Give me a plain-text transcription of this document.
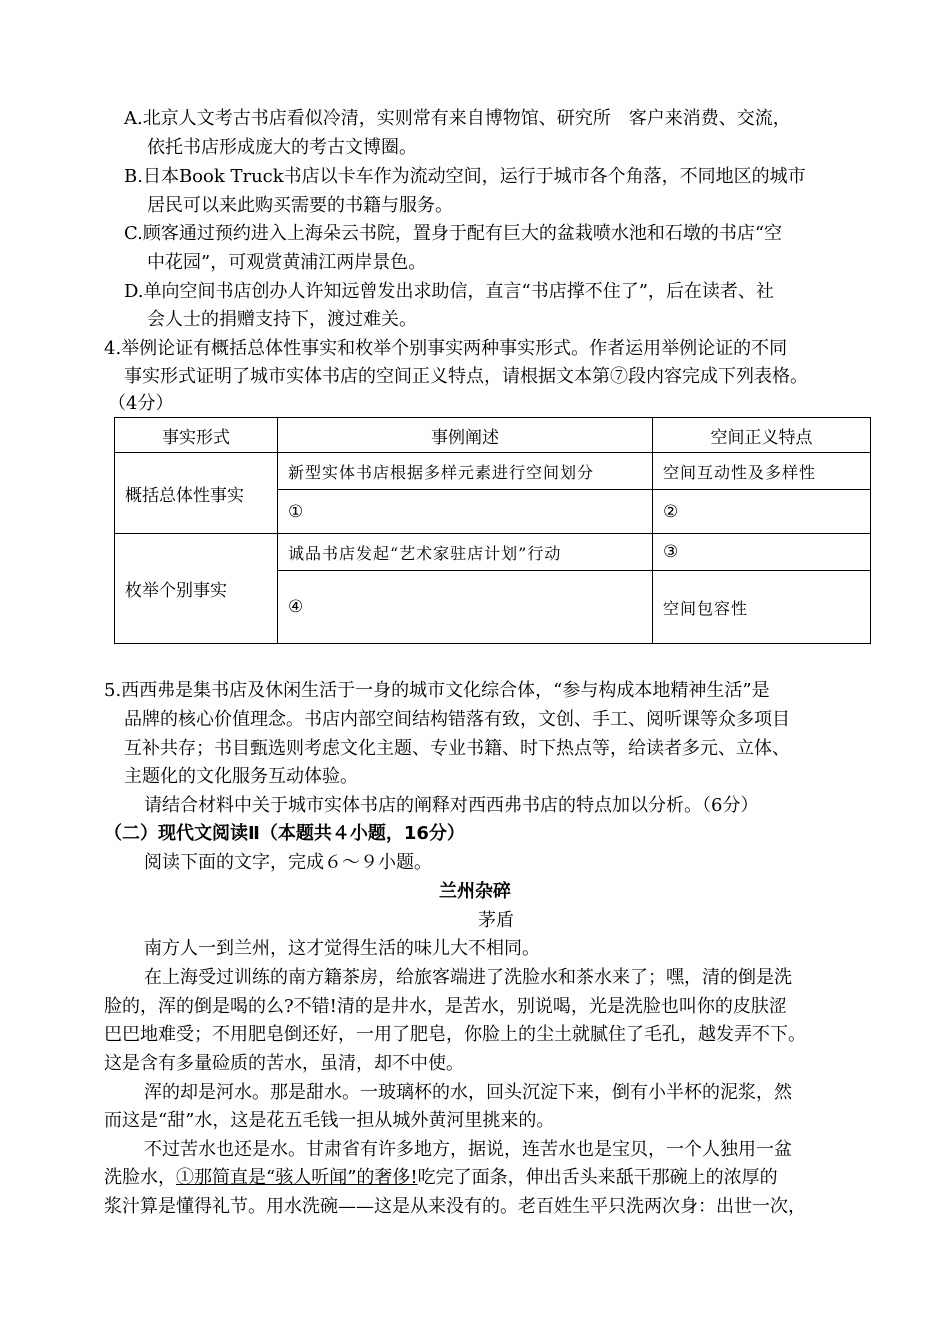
A.北京人文考古书店看似冷清，实则常有来自博物馆、研究所　客户来消费、交流，
依托书店形成庞大的考古文博圈。
B.日本Book Truck书店以卡车作为流动空间，运行于城市各个角落，不同地区的城市
居民可以来此购买需要的书籍与服务。
C.顾客通过预约进入上海朵云书院，置身于配有巨大的盆栽喷水池和石墩的书店“空
中花园”，可观赏黄浦江两岸景色。
D.单向空间书店创办人许知远曾发出求助信，直言“书店撑不住了”，后在读者、社
会人士的捐赠支持下，渡过难关。
4.举例论证有概括总体性事实和枚举个别事实两种事实形式。作者运用举例论证的不同
事实形式证明了城市实体书店的空间正义特点，请根据文本第⑦段内容完成下列表格。
（4分）
事实形式	事例阐述	空间正义特点
概括总体性事实	新型实体书店根据多样元素进行空间划分	空间互动性及多样性
	①	②
枚举个别事实	诚品书店发起“艺术家驻店计划”行动	③
	④	空间包容性
5.西西弗是集书店及休闲生活于一身的城市文化综合体，“参与构成本地精神生活”是
品牌的核心价值理念。书店内部空间结构错落有致，文创、手工、阅听课等众多项目
互补共存；书目甄选则考虑文化主题、专业书籍、时下热点等，给读者多元、立体、
主题化的文化服务互动体验。
请结合材料中关于城市实体书店的阐释对西西弗书店的特点加以分析。（6分）
（二）现代文阅读Ⅱ（本题共４小题，16分）
阅读下面的文字，完成６～９小题。
兰州杂碎
茅盾
南方人一到兰州，这才觉得生活的味儿大不相同。
在上海受过训练的南方籍茶房，给旅客端进了洗脸水和茶水来了；嘿，清的倒是洗
脸的，浑的倒是喝的么?不错!清的是井水，是苦水，别说喝，光是洗脸也叫你的皮肤涩
巴巴地难受；不用肥皂倒还好，一用了肥皂，你脸上的尘土就腻住了毛孔，越发弄不下。
这是含有多量硷质的苦水，虽清，却不中使。
浑的却是河水。那是甜水。一玻璃杯的水，回头沉淀下来，倒有小半杯的泥浆，然
而这是“甜”水，这是花五毛钱一担从城外黄河里挑来的。
不过苦水也还是水。甘肃省有许多地方，据说，连苦水也是宝贝，一个人独用一盆
洗脸水，①那简直是“骇人听闻”的奢侈!吃完了面条，伸出舌头来舐干那碗上的浓厚的
浆汁算是懂得礼节。用水洗碗——这是从来没有的。老百姓生平只洗两次身：出世一次，
